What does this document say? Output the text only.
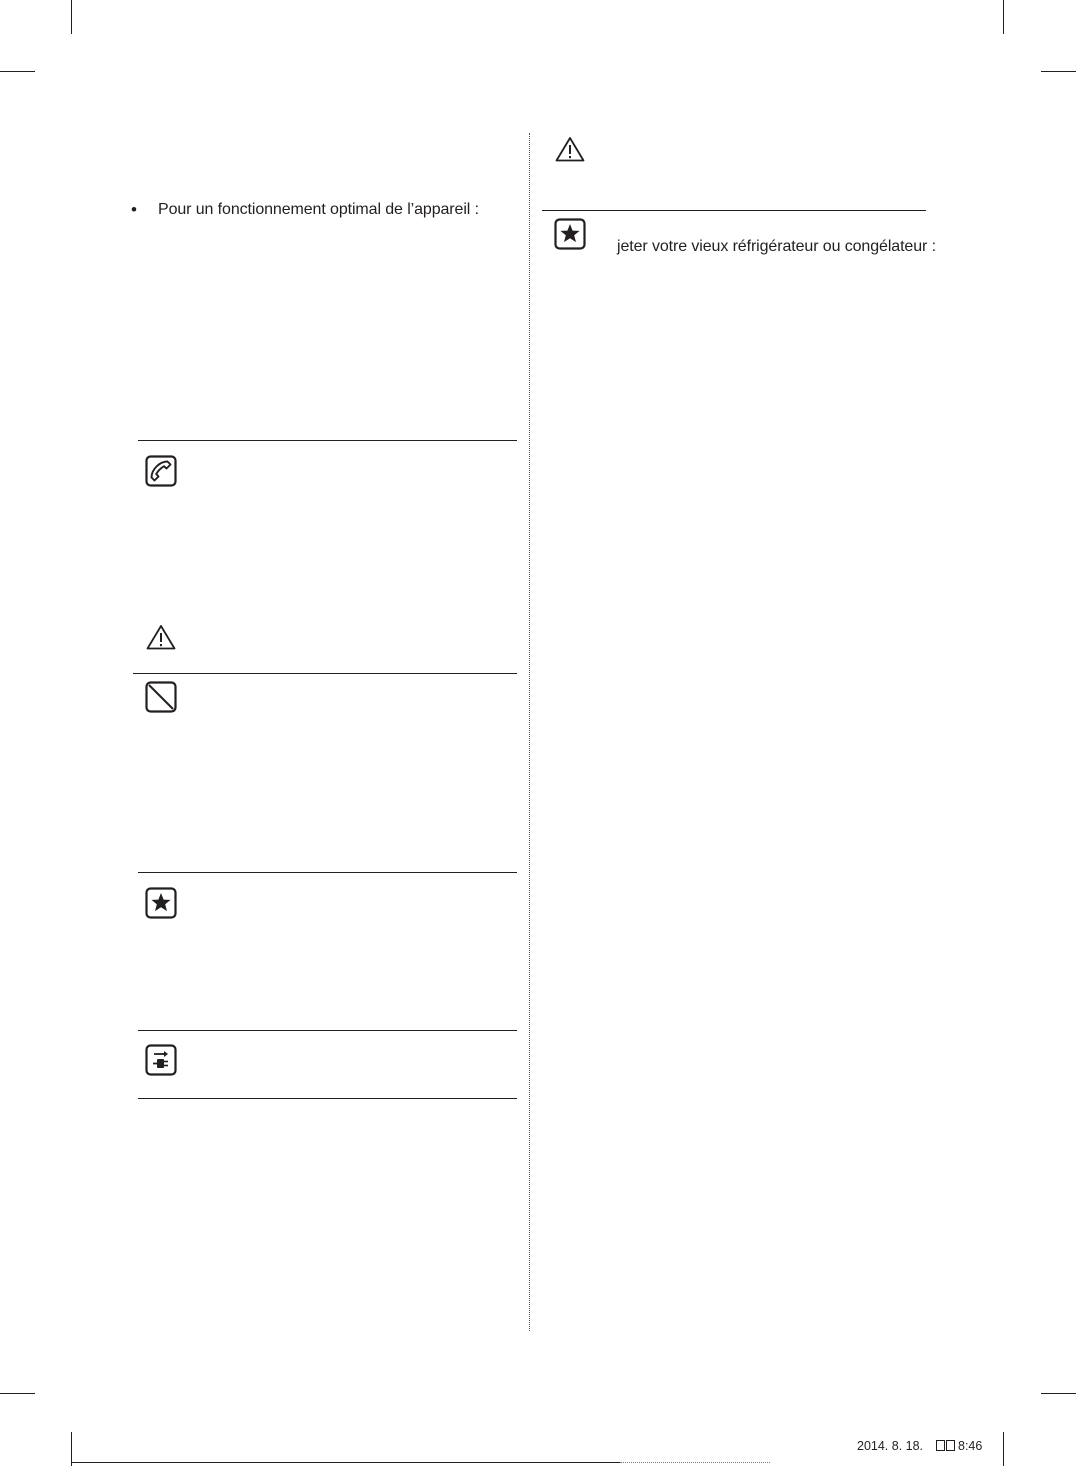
• Pour un fonctionnement optimal de l’appareil :
jeter votre vieux réfrigérateur ou congélateur :
2014. 8. 18.	8:46
